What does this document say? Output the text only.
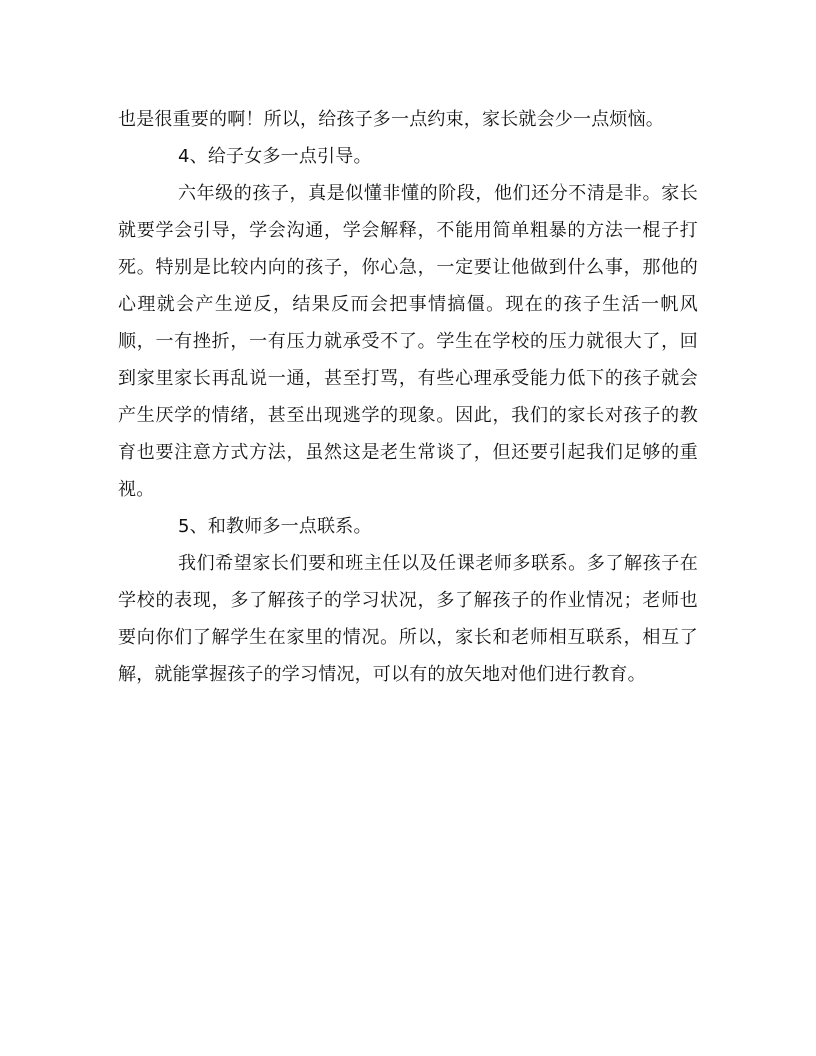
也是很重要的啊！所以，给孩子多一点约束，家长就会少一点烦恼。

4、给子女多一点引导。

六年级的孩子，真是似懂非懂的阶段，他们还分不清是非。家长就要学会引导，学会沟通，学会解释，不能用简单粗暴的方法一棍子打死。特别是比较内向的孩子，你心急，一定要让他做到什么事，那他的心理就会产生逆反，结果反而会把事情搞僵。现在的孩子生活一帆风顺，一有挫折，一有压力就承受不了。学生在学校的压力就很大了，回到家里家长再乱说一通，甚至打骂，有些心理承受能力低下的孩子就会产生厌学的情绪，甚至出现逃学的现象。因此，我们的家长对孩子的教育也要注意方式方法，虽然这是老生常谈了，但还要引起我们足够的重视。

5、和教师多一点联系。

我们希望家长们要和班主任以及任课老师多联系。多了解孩子在学校的表现，多了解孩子的学习状况，多了解孩子的作业情况；老师也要向你们了解学生在家里的情况。所以，家长和老师相互联系，相互了解，就能掌握孩子的学习情况，可以有的放矢地对他们进行教育。
